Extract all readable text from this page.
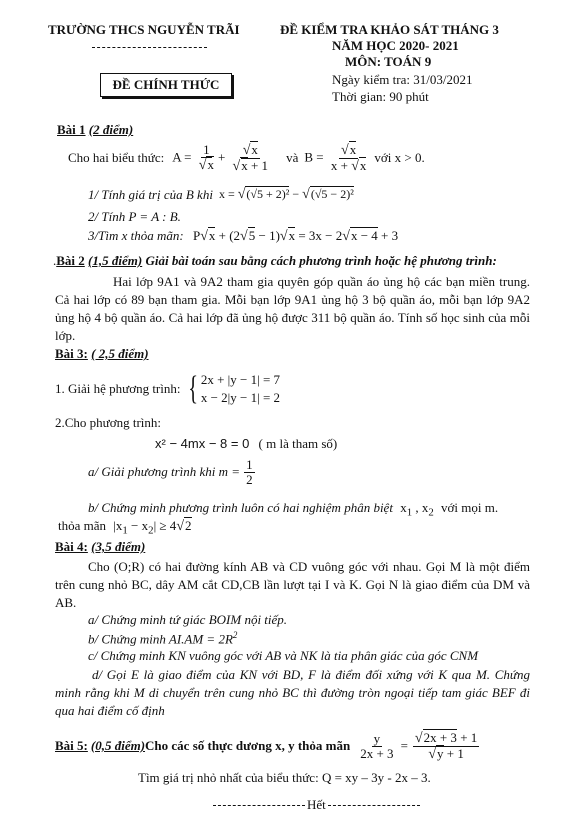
TRƯỜNG THCS NGUYỄN TRÃI	ĐỀ KIỂM TRA KHẢO SÁT THÁNG 3
NĂM HỌC 2020- 2021
MÔN: TOÁN 9
ĐỀ CHÍNH THỨC	Ngày kiểm tra: 31/03/2021
Thời gian: 90 phút
Bài 1 (2 điểm)
Cho hai biểu thức: $A = \frac{1}{√x} + \frac{√x}{√x + 1}$ và $B = \frac{√x}{x + √x}$ với x > 0.
1/ Tính giá trị của B khi x = √(√5 + 2)² − √(√5 − 2)²
2/ Tính P = A : B.
3/Tìm x thỏa mãn: P√x + (2√5 − 1)√x = 3x − 2√x − 4 + 3
.Bài 2 (1,5 điểm) Giải bài toán sau bằng cách phương trình hoặc hệ phương trình:
Hai lớp 9A1 và 9A2 tham gia quyên góp quần áo ủng hộ các bạn miền trung. Cả hai lớp có 89 bạn tham gia. Mỗi bạn lớp 9A1 ủng hộ 3 bộ quần áo, mỗi bạn lớp 9A2 ủng hộ 4 bộ quần áo. Cả hai lớp đã ủng hộ được 311 bộ quần áo. Tính số học sinh của mỗi lớp.
Bài 3: ( 2,5 điểm)
1. Giải hệ phương trình: { 2x + |y − 1| = 7
x − 2|y − 1| = 2
2.Cho phương trình:
x² − 4mx − 8 = 0 ( m là tham số)
a/ Giải phương trình khi $m = \frac{1}{2}$
b/ Chứng minh phương trình luôn có hai nghiệm phân biệt $x_1$ , $x_2$ với mọi m.
thỏa mãn $|x_1 - x_2| \ge 4√2$
Bài 4: (3,5 điểm)
Cho (O;R) có hai đường kính AB và CD vuông góc với nhau. Gọi M là một điểm trên cung nhỏ BC, dây AM cắt CD,CB lần lượt tại I và K. Gọi N là giao điểm của DM và AB.
a/ Chứng minh tứ giác BOIM nội tiếp.
b/ Chứng minh $AI.AM = 2R^2$
c/ Chứng minh KN vuông góc với AB và NK là tia phân giác của góc CNM
d/ Gọi E là giao điểm của KN với BD, F là điểm đối xứng với K qua M. Chứng minh rằng khi M di chuyển trên cung nhỏ BC thì đường tròn ngoại tiếp tam giác BEF đi qua hai điểm cố định
Bài 5: (0,5 điểm) Cho các số thực dương x, y thỏa mãn $\frac{y}{2x + 3} = \frac{√2x + 3 + 1}{√y + 1}$
Tìm giá trị nhỏ nhất của biểu thức: Q = xy – 3y - 2x – 3.
Hết
